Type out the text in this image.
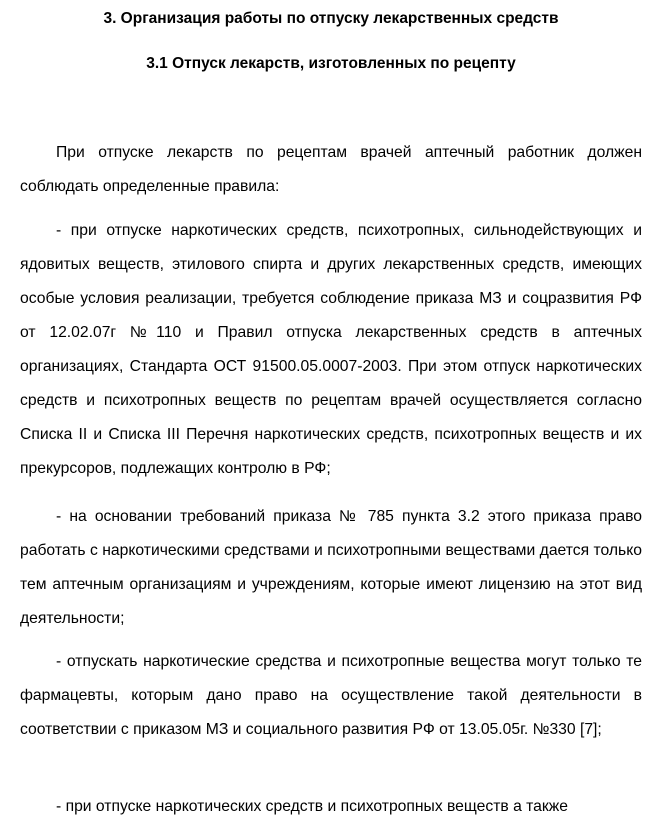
3. Организация работы по отпуску лекарственных средств
3.1 Отпуск лекарств, изготовленных по рецепту

При отпуске лекарств по рецептам врачей аптечный работник должен соблюдать определенные правила:

- при отпуске наркотических средств, психотропных, сильнодействующих и ядовитых веществ, этилового спирта и других лекарственных средств, имеющих особые условия реализации, требуется соблюдение приказа МЗ и соцразвития РФ от 12.02.07г №110 и Правил отпуска лекарственных средств в аптечных организациях, Стандарта ОСТ 91500.05.0007-2003. При этом отпуск наркотических средств и психотропных веществ по рецептам врачей осуществляется согласно Списка II и Списка III Перечня наркотических средств, психотропных веществ и их прекурсоров, подлежащих контролю в РФ;

- на основании требований приказа № 785 пункта 3.2 этого приказа право работать с наркотическими средствами и психотропными веществами дается только тем аптечным организациям и учреждениям, которые имеют лицензию на этот вид деятельности;

- отпускать наркотические средства и психотропные вещества могут только те фармацевты, которым дано право на осуществление такой деятельности в соответствии с приказом МЗ и социального развития РФ от 13.05.05г. №330 [7];

- при отпуске наркотических средств и психотропных веществ а также
